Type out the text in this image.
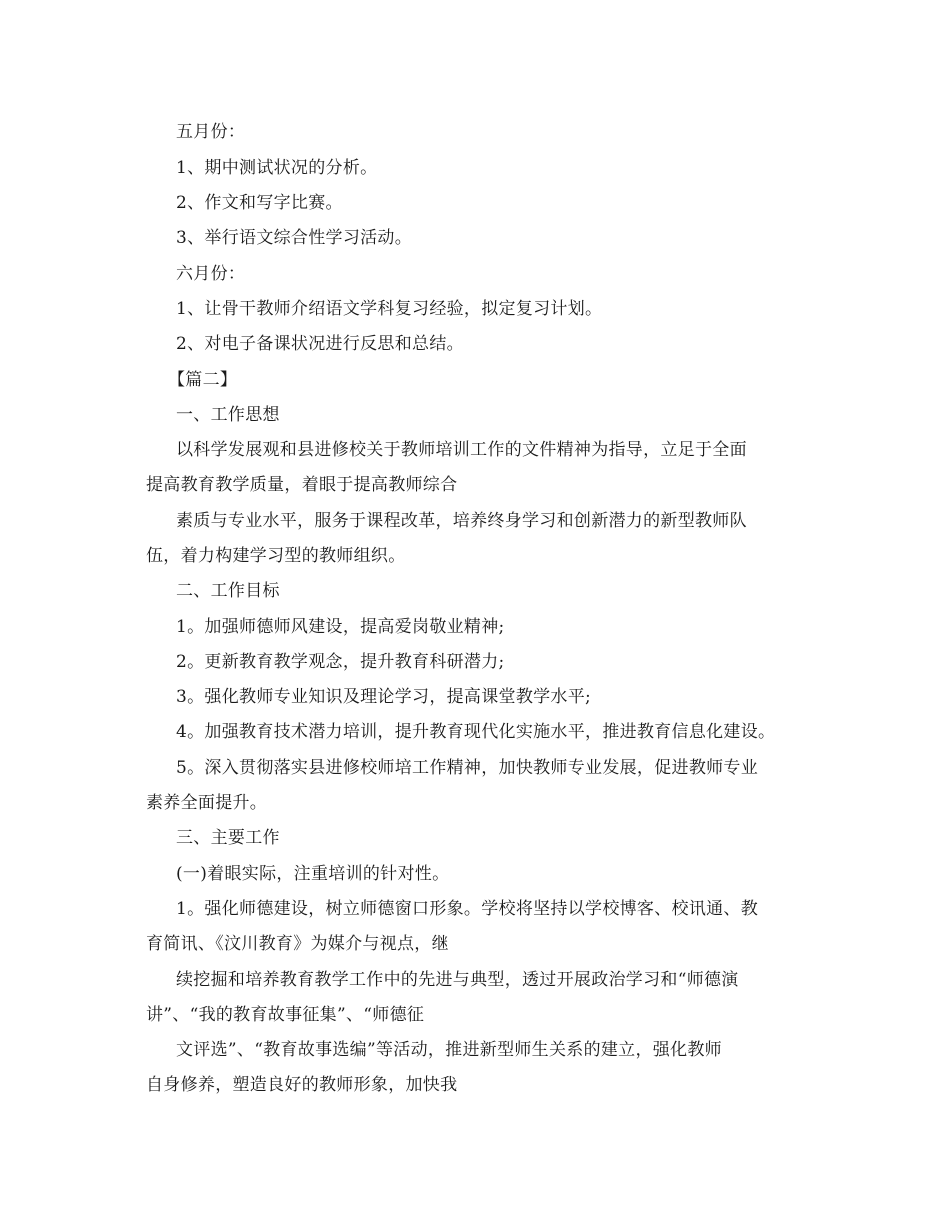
五月份：
1、期中测试状况的分析。
2、作文和写字比赛。
3、举行语文综合性学习活动。
六月份：
1、让骨干教师介绍语文学科复习经验，拟定复习计划。
2、对电子备课状况进行反思和总结。
【篇二】
一、工作思想
以科学发展观和县进修校关于教师培训工作的文件精神为指导，立足于全面
提高教育教学质量，着眼于提高教师综合
素质与专业水平，服务于课程改革，培养终身学习和创新潜力的新型教师队
伍，着力构建学习型的教师组织。
二、工作目标
1。加强师德师风建设，提高爱岗敬业精神;
2。更新教育教学观念，提升教育科研潜力;
3。强化教师专业知识及理论学习，提高课堂教学水平;
4。加强教育技术潜力培训，提升教育现代化实施水平，推进教育信息化建设。
5。深入贯彻落实县进修校师培工作精神，加快教师专业发展，促进教师专业
素养全面提升。
三、主要工作
(一)着眼实际，注重培训的针对性。
1。强化师德建设，树立师德窗口形象。学校将坚持以学校博客、校讯通、教
育简讯、《汶川教育》为媒介与视点，继
续挖掘和培养教育教学工作中的先进与典型，透过开展政治学习和“师德演
讲”、“我的教育故事征集”、“师德征
文评选”、“教育故事选编”等活动，推进新型师生关系的建立，强化教师
自身修养，塑造良好的教师形象，加快我
